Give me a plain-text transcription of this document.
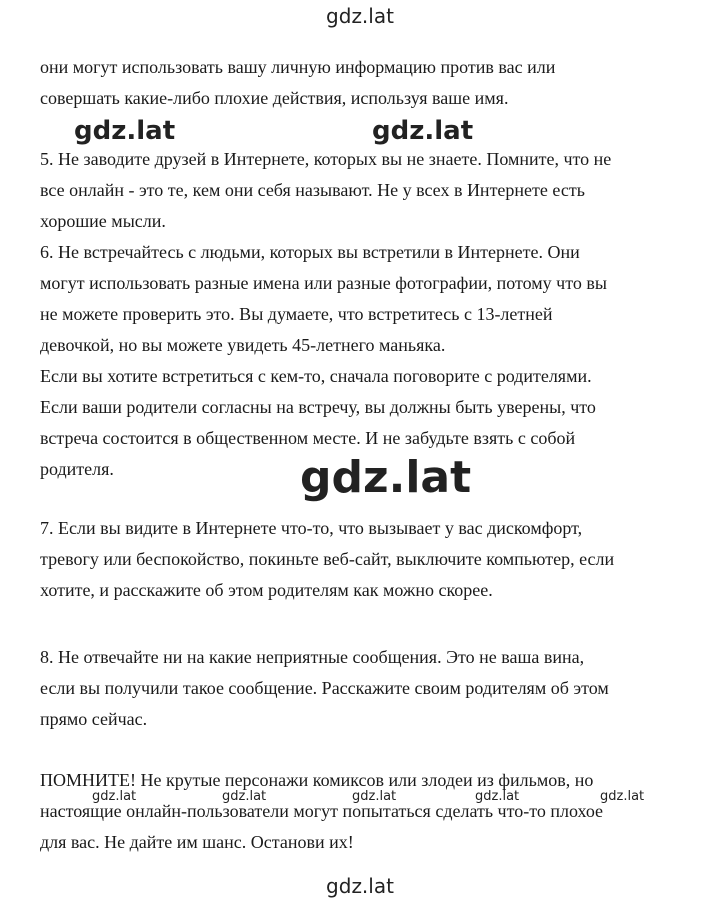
gdz.lat
gdz.lat	gdz.lat
gdz.lat
они могут использовать вашу личную информацию против вас или
совершать какие-либо плохие действия, используя ваше имя.
5. Не заводите друзей в Интернете, которых вы не знаете. Помните, что не
все онлайн - это те, кем они себя называют. Не у всех в Интернете есть
хорошие мысли.
6. Не встречайтесь с людьми, которых вы встретили в Интернете. Они
могут использовать разные имена или разные фотографии, потому что вы
не можете проверить это. Вы думаете, что встретитесь с 13-летней
девочкой, но вы можете увидеть 45-летнего маньяка.
Если вы хотите встретиться с кем-то, сначала поговорите с родителями.
Если ваши родители согласны на встречу, вы должны быть уверены, что
встреча состоится в общественном месте. И не забудьте взять с собой
родителя.
7. Если вы видите в Интернете что-то, что вызывает у вас дискомфорт,
тревогу или беспокойство, покиньте веб-сайт, выключите компьютер, если
хотите, и расскажите об этом родителям как можно скорее.
8. Не отвечайте ни на какие неприятные сообщения. Это не ваша вина,
если вы получили такое сообщение. Расскажите своим родителям об этом
прямо сейчас.
ПОМНИТЕ! Не крутые персонажи комиксов или злодеи из фильмов, но
настоящие онлайн-пользователи могут попытаться сделать что-то плохое
для вас. Не дайте им шанс. Останови их!
gdz.lat	gdz.lat	gdz.lat	gdz.lat	gdz.lat
gdz.lat
